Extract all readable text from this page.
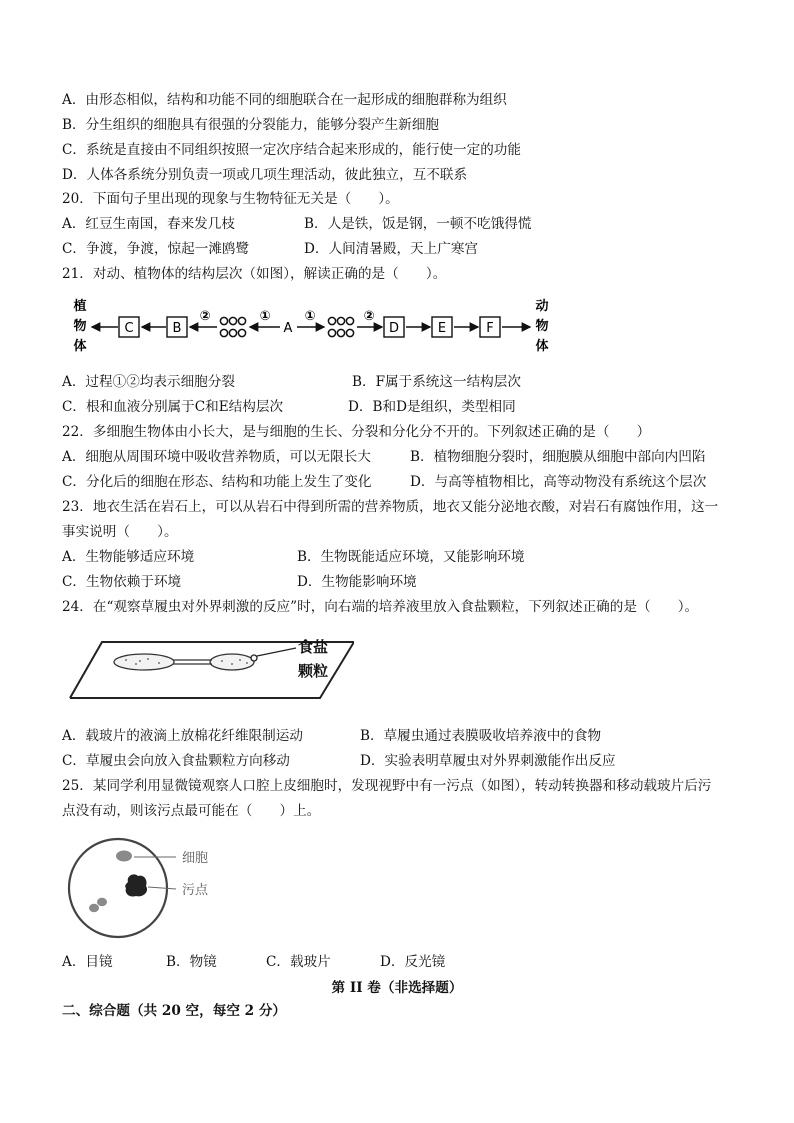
A．由形态相似，结构和功能不同的细胞联合在一起形成的细胞群称为组织
B．分生组织的细胞具有很强的分裂能力，能够分裂产生新细胞
C．系统是直接由不同组织按照一定次序结合起来形成的，能行使一定的功能
D．人体各系统分别负责一项或几项生理活动，彼此独立，互不联系
20．下面句子里出现的现象与生物特征无关是（　　）。
A．红豆生南国，春来发几枝	B．人是铁，饭是钢，一顿不吃饿得慌
C．争渡，争渡，惊起一滩鸥鹭	D．人间清暑殿，天上广寒宫
21．对动、植物体的结构层次（如图），解读正确的是（　　）。
植
物
体
动
物
体
C	B
②	①
A
①	②
D	E	F
A．过程①②均表示细胞分裂	B．F属于系统这一结构层次
C．根和血液分别属于C和E结构层次	D．B和D是组织，类型相同
22．多细胞生物体由小长大，是与细胞的生长、分裂和分化分不开的。下列叙述正确的是（　　）
A．细胞从周围环境中吸收营养物质，可以无限长大	B．植物细胞分裂时，细胞膜从细胞中部向内凹陷
C．分化后的细胞在形态、结构和功能上发生了变化	D．与高等植物相比，高等动物没有系统这个层次
23．地衣生活在岩石上，可以从岩石中得到所需的营养物质，地衣又能分泌地衣酸，对岩石有腐蚀作用，这一
事实说明（　　）。
A．生物能够适应环境	B．生物既能适应环境，又能影响环境
C．生物依赖于环境	D．生物能影响环境
24．在“观察草履虫对外界刺激的反应”时，向右端的培养液里放入食盐颗粒，下列叙述正确的是（　　）。
食盐
颗粒
A．载玻片的液滴上放棉花纤维限制运动	B．草履虫通过表膜吸收培养液中的食物
C．草履虫会向放入食盐颗粒方向移动	D．实验表明草履虫对外界刺激能作出反应
25．某同学利用显微镜观察人口腔上皮细胞时，发现视野中有一污点（如图），转动转换器和移动载玻片后污
点没有动，则该污点最可能在（　　）上。
细胞
污点
A．目镜	B．物镜	C．载玻片	D．反光镜
第 II 卷（非选择题）
二、综合题（共 20 空，每空 2 分）
